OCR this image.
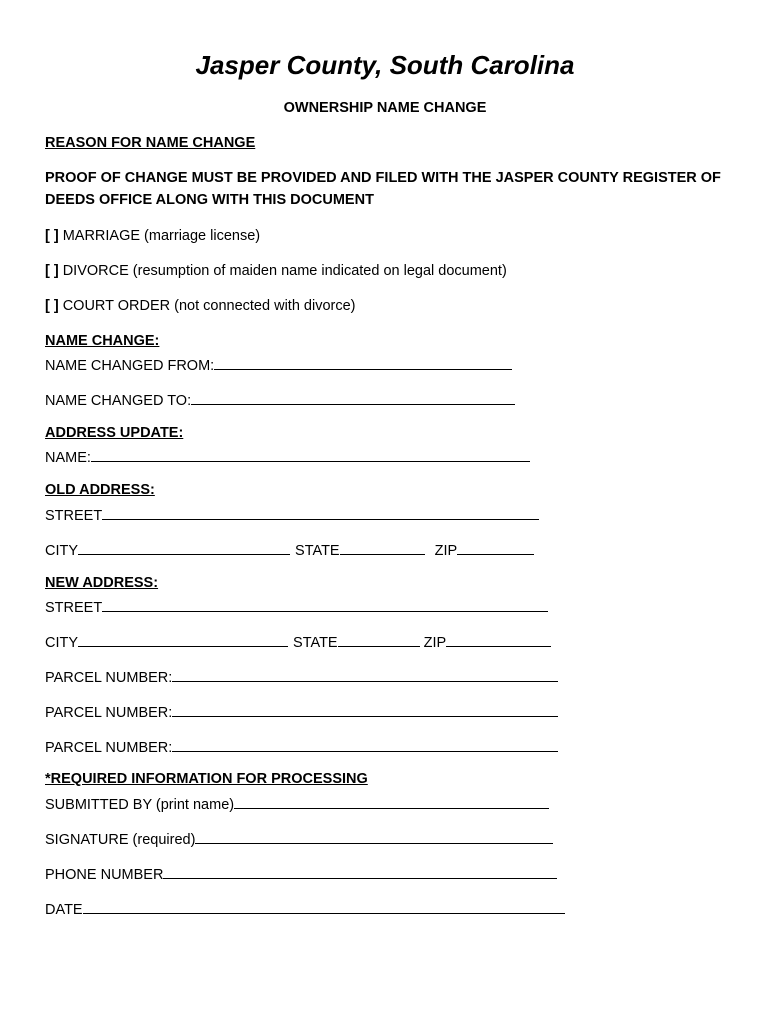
Jasper County, South Carolina
OWNERSHIP NAME CHANGE
REASON FOR NAME CHANGE
PROOF OF CHANGE MUST BE PROVIDED AND FILED WITH THE JASPER COUNTY REGISTER OF
DEEDS OFFICE ALONG WITH THIS DOCUMENT
[ ] MARRIAGE (marriage license)
[ ] DIVORCE (resumption of maiden name indicated on legal document)
[ ] COURT ORDER (not connected with divorce)
NAME CHANGE:
NAME CHANGED FROM:
NAME CHANGED TO:
ADDRESS UPDATE:
NAME:
OLD ADDRESS:
STREET
CITY	STATE	ZIP
NEW ADDRESS:
STREET
CITY	STATE	ZIP
PARCEL NUMBER:
PARCEL NUMBER:
PARCEL NUMBER:
*REQUIRED INFORMATION FOR PROCESSING
SUBMITTED BY (print name)
SIGNATURE (required)
PHONE NUMBER
DATE
